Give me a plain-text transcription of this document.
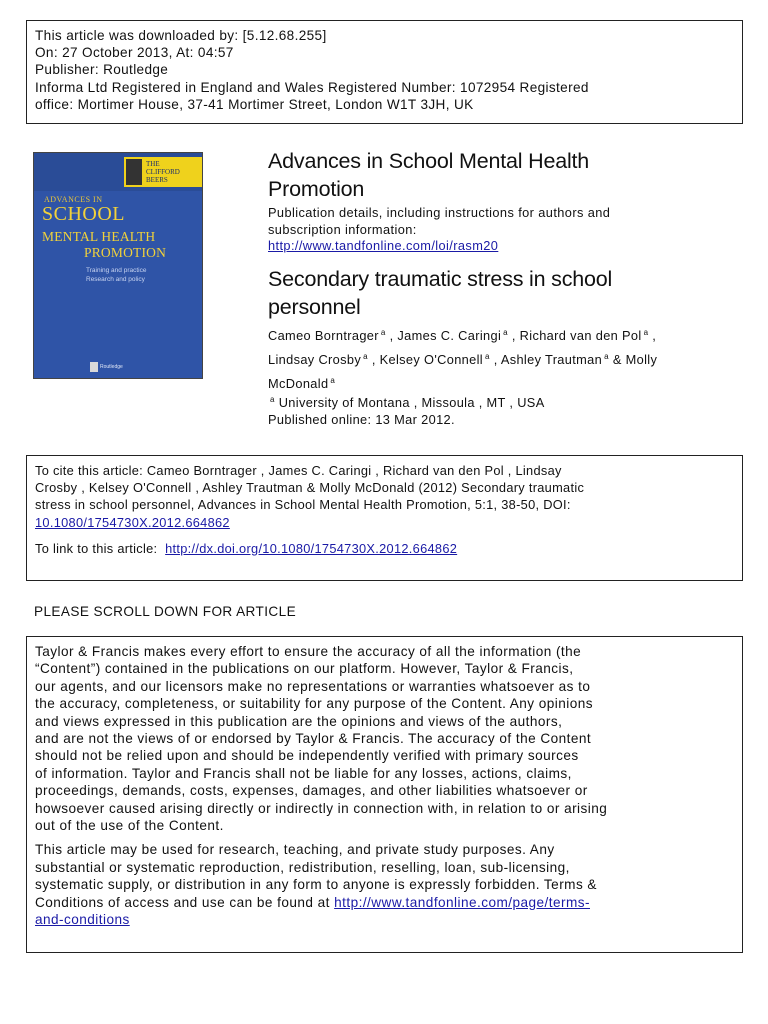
This article was downloaded by: [5.12.68.255]
On: 27 October 2013, At: 04:57
Publisher: Routledge
Informa Ltd Registered in England and Wales Registered Number: 1072954 Registered
office: Mortimer House, 37-41 Mortimer Street, London W1T 3JH, UK
THE
CLIFFORD
BEERS
ADVANCES IN
SCHOOL
MENTAL HEALTH
PROMOTION
Training and practice
Research and policy
Routledge
Advances in School Mental Health
Promotion
Publication details, including instructions for authors and
subscription information:
http://www.tandfonline.com/loi/rasm20
Secondary traumatic stress in school
personnel
Cameo Borntrager $^a$ , James C. Caringi $^a$ , Richard van den Pol $^a$ ,
Lindsay Crosby $^a$ , Kelsey O'Connell $^a$ , Ashley Trautman $^a$ & Molly
McDonald $^a$
$^a$ University of Montana , Missoula , MT , USA
Published online: 13 Mar 2012.
To cite this article: Cameo Borntrager , James C. Caringi , Richard van den Pol , Lindsay
Crosby , Kelsey O'Connell , Ashley Trautman & Molly McDonald (2012) Secondary traumatic
stress in school personnel, Advances in School Mental Health Promotion, 5:1, 38-50, DOI:
10.1080/1754730X.2012.664862
To link to this article: http://dx.doi.org/10.1080/1754730X.2012.664862
PLEASE SCROLL DOWN FOR ARTICLE
Taylor & Francis makes every effort to ensure the accuracy of all the information (the
“Content”) contained in the publications on our platform. However, Taylor & Francis,
our agents, and our licensors make no representations or warranties whatsoever as to
the accuracy, completeness, or suitability for any purpose of the Content. Any opinions
and views expressed in this publication are the opinions and views of the authors,
and are not the views of or endorsed by Taylor & Francis. The accuracy of the Content
should not be relied upon and should be independently verified with primary sources
of information. Taylor and Francis shall not be liable for any losses, actions, claims,
proceedings, demands, costs, expenses, damages, and other liabilities whatsoever or
howsoever caused arising directly or indirectly in connection with, in relation to or arising
out of the use of the Content.
This article may be used for research, teaching, and private study purposes. Any
substantial or systematic reproduction, redistribution, reselling, loan, sub-licensing,
systematic supply, or distribution in any form to anyone is expressly forbidden. Terms &
Conditions of access and use can be found at http://www.tandfonline.com/page/terms-
and-conditions
